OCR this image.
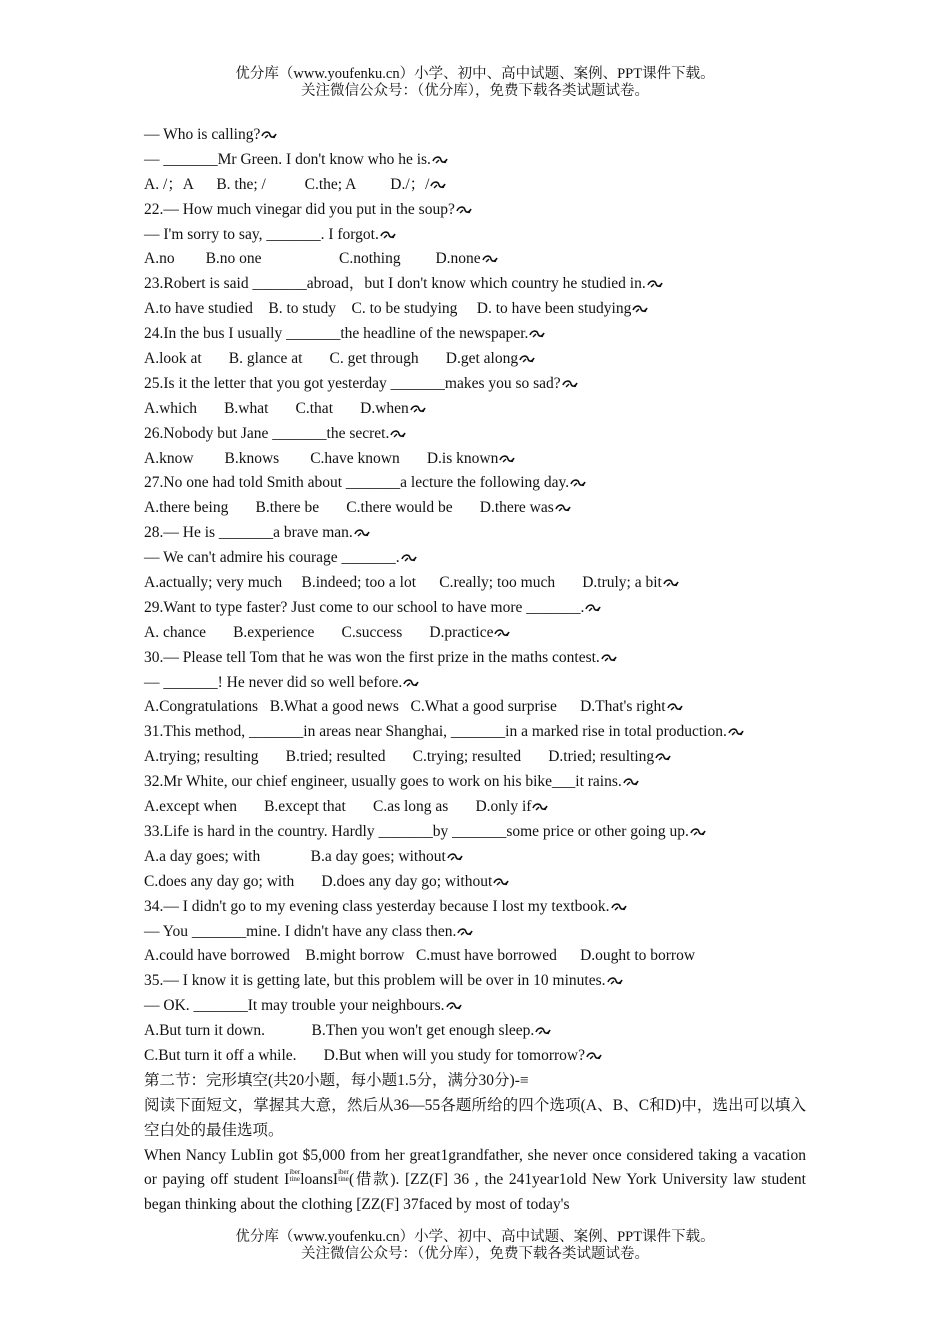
优分库（www.youfenku.cn）小学、初中、高中试题、案例、PPT课件下载。
关注微信公众号：（优分库），免费下载各类试题试卷。
— Who is calling?
— _______Mr Green. I don't know who he is.
A. /；A      B. the; /          C.the; A         D./；/
22.— How much vinegar did you put in the soup?
— I'm sorry to say, _______. I forgot.
A.no        B.no one                    C.nothing         D.none
23.Robert is said _______abroad，but I don't know which country he studied in.
A.to have studied    B. to study    C. to be studying     D. to have been studying
24.In the bus I usually _______the headline of the newspaper.
A.look at       B. glance at       C. get through       D.get along
25.Is it the letter that you got yesterday _______makes you so sad?
A.which       B.what       C.that       D.when
26.Nobody but Jane _______the secret.
A.know        B.knows        C.have known       D.is known
27.No one had told Smith about _______a lecture the following day.
A.there being       B.there be       C.there would be       D.there was
28.— He is _______a brave man.
— We can't admire his courage _______.
A.actually; very much     B.indeed; too a lot      C.really; too much       D.truly; a bit
29.Want to type faster? Just come to our school to have more _______.
A. chance       B.experience       C.success       D.practice
30.— Please tell Tom that he was won the first prize in the maths contest.
— _______! He never did so well before.
A.Congratulations   B.What a good news   C.What a good surprise      D.That's right
31.This method, _______in areas near Shanghai, _______in a marked rise in total production.
A.trying; resulting       B.tried; resulted       C.trying; resulted       D.tried; resulting
32.Mr White, our chief engineer, usually goes to work on his bike___it rains.
A.except when       B.except that       C.as long as       D.only if
33.Life is hard in the country. Hardly _______by _______some price or other going up.
A.a day goes; with             B.a day goes; without
C.does any day go; with       D.does any day go; without
34.— I didn't go to my evening class yesterday because I lost my textbook.
— You _______mine. I didn't have any class then.
A.could have borrowed    B.might borrow   C.must have borrowed      D.ought to borrow
35.— I know it is getting late, but this problem will be over in 10 minutes.
— OK. _______It may trouble your neighbours.
A.But turn it down.            B.Then you won't get enough sleep.
C.But turn it off a while.       D.But when will you study for tomorrow?
第二节：完形填空(共20小题，每小题1.5分，满分30分)-≡
阅读下面短文，掌握其大意，然后从36—55各题所给的四个选项(A、B、C和D)中，选出可以填入空白处的最佳选项。
When Nancy LubIin got $5,000 from her great1grandfather, she never once considered taking a vacation or paying off student I iber
tine loansI iber
tine (借款). [ZZ(F] 36 , the 241year1old New York University law student began thinking about the clothing [ZZ(F] 37faced by most of today's
优分库（www.youfenku.cn）小学、初中、高中试题、案例、PPT课件下载。
关注微信公众号：（优分库），免费下载各类试题试卷。
